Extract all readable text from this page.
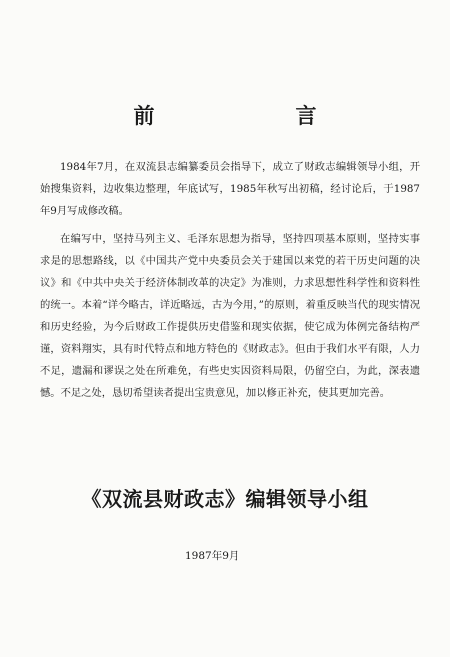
前　言

1984年7月，在双流县志编纂委员会指导下，成立了财政志编辑领导小组，开始搜集资料，边收集边整理，年底试写，1985年秋写出初稿，经讨论后，于1987年9月写成修改稿。

在编写中，坚持马列主义、毛泽东思想为指导，坚持四项基本原则，坚持实事求是的思想路线，以《中国共产党中央委员会关于建国以来党的若干历史问题的决议》和《中共中央关于经济体制改革的决定》为准则，力求思想性科学性和资料性的统一。本着“详今略古，详近略远，古为今用，”的原则，着重反映当代的现实情况和历史经验，为今后财政工作提供历史借鉴和现实依据，使它成为体例完备结构严谨，资料翔实，具有时代特点和地方特色的《财政志》。但由于我们水平有限，人力不足，遗漏和谬误之处在所难免，有些史实因资料局限，仍留空白，为此，深表遗憾。不足之处，恳切希望读者提出宝贵意见，加以修正补充，使其更加完善。

《双流县财政志》编辑领导小组
1987年9月
